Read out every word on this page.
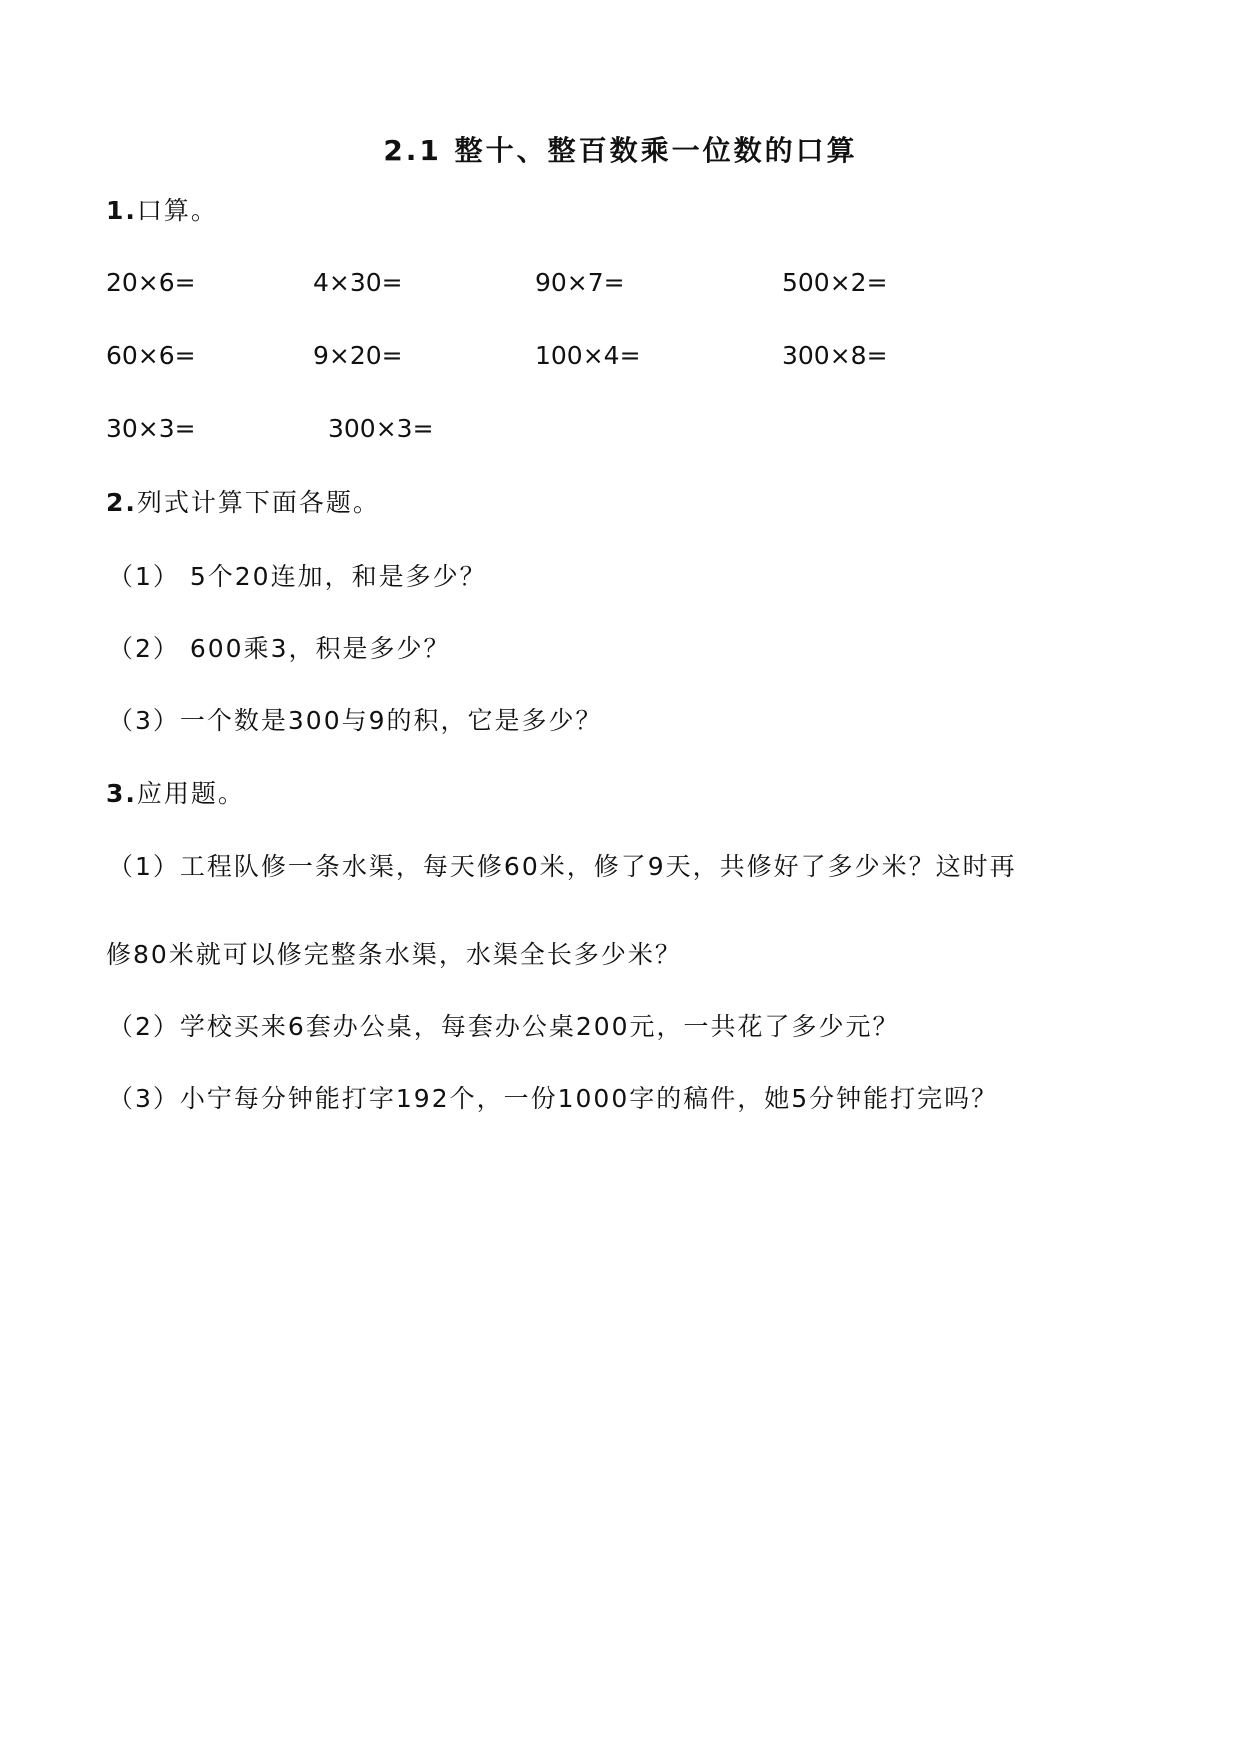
2.1 整十、整百数乘一位数的口算
1.口算。
20×6=	4×30=	90×7=	500×2=
60×6=	9×20=	100×4=	300×8=
30×3=	300×3=
2.列式计算下面各题。
（1） 5个20连加，和是多少？
（2） 600乘3，积是多少？
（3）一个数是300与9的积，它是多少？
3.应用题。
（1）工程队修一条水渠，每天修60米，修了9天，共修好了多少米？这时再
修80米就可以修完整条水渠，水渠全长多少米？
（2）学校买来6套办公桌，每套办公桌200元，一共花了多少元？
（3）小宁每分钟能打字192个，一份1000字的稿件，她5分钟能打完吗？
